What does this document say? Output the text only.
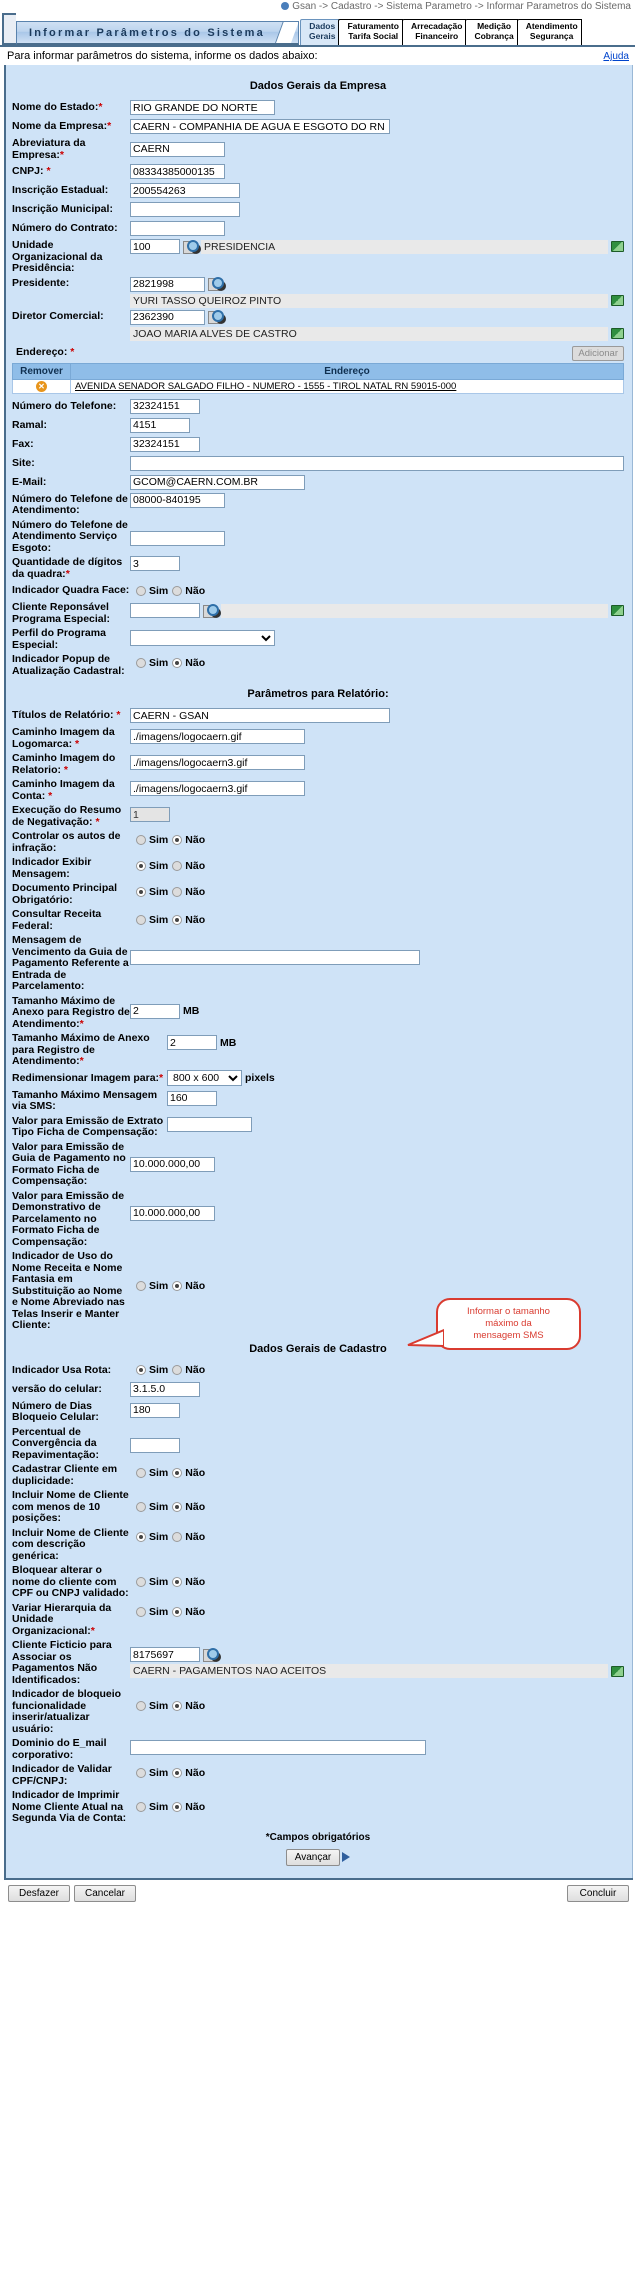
Gsan -> Cadastro -> Sistema Parametro -> Informar Parametros do Sistema
Informar Parâmetros do Sistema
Dados
Gerais
Faturamento
Tarifa Social
Arrecadação
Financeiro
Medição
Cobrança
Atendimento
Segurança
Para informar parâmetros do sistema, informe os dados abaixo:	Ajuda
Dados Gerais da Empresa
Nome do Estado:*
RIO GRANDE DO NORTE
Nome da Empresa:*
CAERN - COMPANHIA DE AGUA E ESGOTO DO RN
Abreviatura da Empresa:*
CAERN
CNPJ: *
08334385000135
Inscrição Estadual:
200554263
Inscrição Municipal:
Número do Contrato:
Unidade Organizacional da Presidência:
100
PRESIDENCIA
Presidente:
2821998
YURI TASSO QUEIROZ PINTO
Diretor Comercial:
2362390
JOAO MARIA ALVES DE CASTRO
Endereço: *	Adicionar
Remover	Endereço
✕	AVENIDA SENADOR SALGADO FILHO - NUMERO - 1555 - TIROL NATAL RN 59015-000
Número do Telefone:
32324151
Ramal:
4151
Fax:
32324151
Site:
E-Mail:
GCOM@CAERN.COM.BR
Número do Telefone de Atendimento:
08000-840195
Número do Telefone de Atendimento Serviço Esgoto:
Quantidade de dígitos da quadra:*
3
Indicador Quadra Face: Sim Não
Cliente Reponsável Programa Especial:
Perfil do Programa Especial:
Indicador Popup de Atualização Cadastral:
Sim Não
Parâmetros para Relatório:
Títulos de Relatório: *
CAERN - GSAN
Caminho Imagem da Logomarca: *
./imagens/logocaern.gif
Caminho Imagem do Relatorio: *
./imagens/logocaern3.gif
Caminho Imagem da Conta: *
./imagens/logocaern3.gif
Execução do Resumo de Negativação: *
1
Controlar os autos de infração:
Sim Não
Indicador Exibir Mensagem:
Sim Não
Documento Principal Obrigatório:
Sim Não
Consultar Receita Federal:	Sim Não
Mensagem de Vencimento da Guia de Pagamento Referente a Entrada de Parcelamento:
Tamanho Máximo de Anexo para Registro de Atendimento:*
2
MB
Tamanho Máximo de Anexo para Registro de Atendimento:*
2
MB
Redimensionar Imagem para:*
800 x 600	pixels
Tamanho Máximo Mensagem via SMS:
160
Valor para Emissão de Extrato Tipo Ficha de Compensação:
Valor para Emissão de Guia de Pagamento no Formato Ficha de Compensação:
10.000.000,00
Valor para Emissão de Demonstrativo de Parcelamento no Formato Ficha de Compensação:
10.000.000,00
Indicador de Uso do Nome Receita e Nome Fantasia em Substituição ao Nome e Nome Abreviado nas Telas Inserir e Manter Cliente:
Sim Não
Dados Gerais de Cadastro
Indicador Usa Rota:	Sim Não
versão do celular:
3.1.5.0
Número de Dias Bloqueio Celular:
180
Percentual de Convergência da Repavimentação:
Cadastrar Cliente em duplicidade:
Sim Não
Incluir Nome de Cliente com menos de 10 posições:
Sim Não
Incluir Nome de Cliente com descrição genérica:
Sim Não
Bloquear alterar o nome do cliente com CPF ou CNPJ validado:
Sim Não
Variar Hierarquia da Unidade Organizacional:*
Sim Não
Cliente Ficticio para Associar os Pagamentos Não Identificados:
8175697
CAERN - PAGAMENTOS NAO ACEITOS
Indicador de bloqueio funcionalidade inserir/atualizar usuário:
Sim Não
Dominio do E_mail corporativo:
Indicador de Validar CPF/CNPJ:
Sim Não
Indicador de Imprimir Nome Cliente Atual na Segunda Via de Conta:
Sim Não
*Campos obrigatórios
Avançar
Desfazer	Cancelar	Concluir
Informar o tamanho
máximo da
mensagem SMS
